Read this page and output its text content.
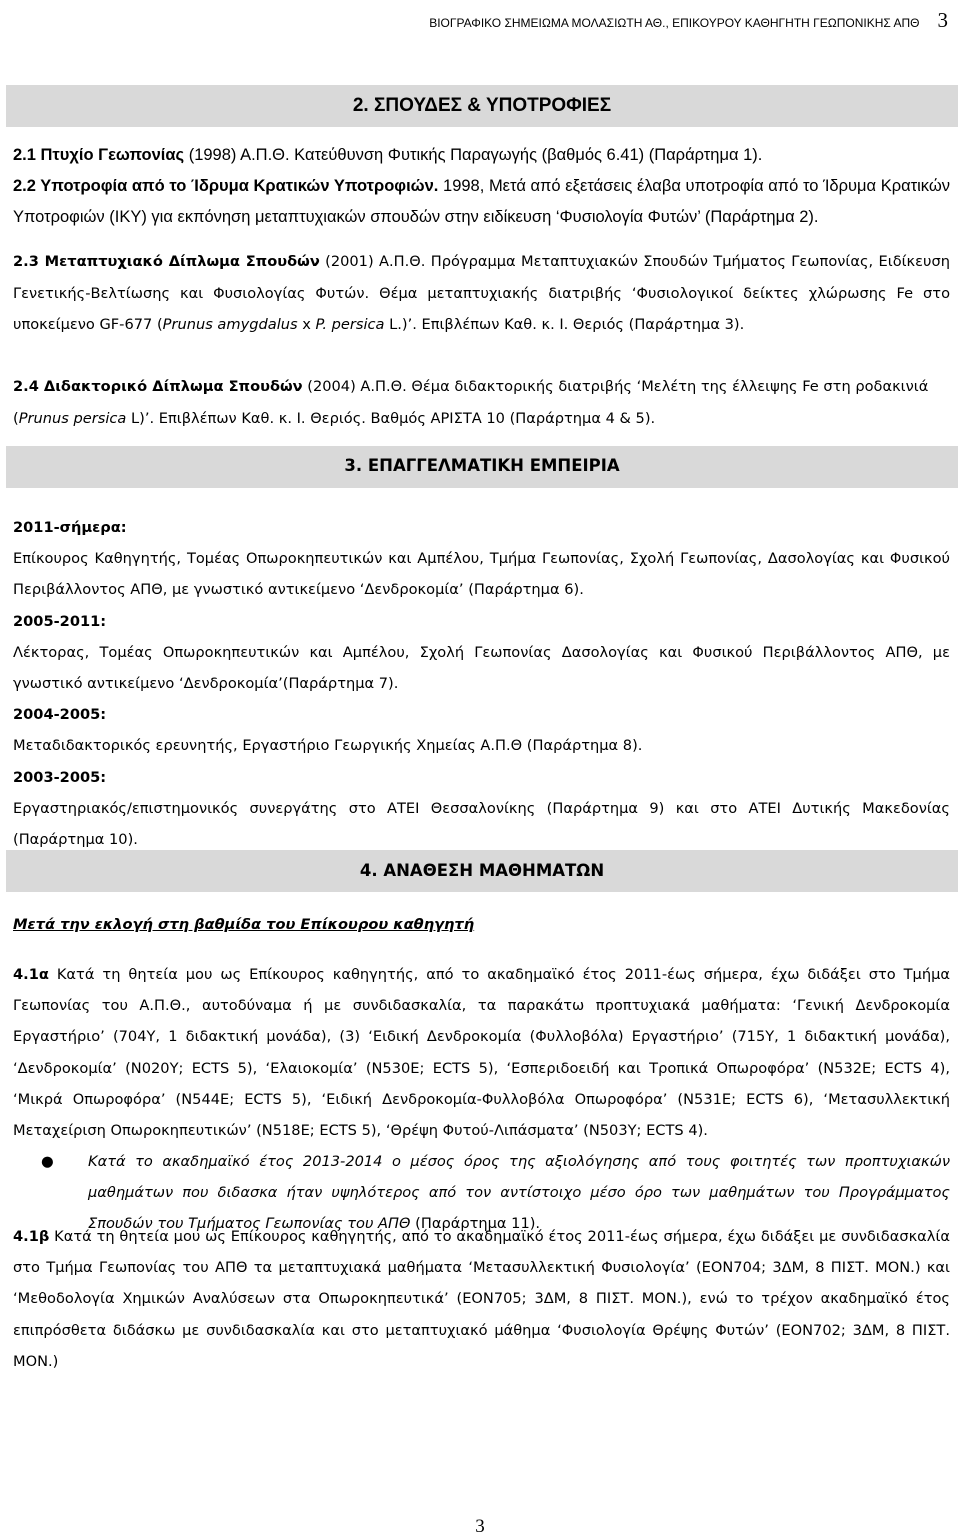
ΒΙΟΓΡΑΦΙΚΟ ΣΗΜΕΙΩΜΑ ΜΟΛΑΣΙΩΤΗ ΑΘ., ΕΠΙΚΟΥΡΟΥ ΚΑΘΗΓΗΤΗ ΓΕΩΠΟΝΙΚΗΣ ΑΠΘ 3
2. ΣΠΟΥΔΕΣ & ΥΠΟΤΡΟΦΙΕΣ

2.1 Πτυχίο Γεωπονίας (1998) Α.Π.Θ. Κατεύθυνση Φυτικής Παραγωγής (βαθμός 6.41) (Παράρτημα 1).

2.2 Υποτροφία από το Ίδρυμα Κρατικών Υποτροφιών. 1998, Μετά από εξετάσεις έλαβα υποτροφία από το Ίδρυμα Κρατικών Υποτροφιών (ΙΚΥ) για εκπόνηση μεταπτυχιακών σπουδών στην ειδίκευση ‘Φυσιολογία Φυτών’ (Παράρτημα 2).

2.3 Μεταπτυχιακό Δίπλωμα Σπουδών (2001) Α.Π.Θ. Πρόγραμμα Μεταπτυχιακών Σπουδών Τμήματος Γεωπονίας, Ειδίκευση Γενετικής-Βελτίωσης και Φυσιολογίας Φυτών. Θέμα μεταπτυχιακής διατριβής ‘Φυσιολογικοί δείκτες χλώρωσης Fe στο υποκείμενο GF-677 (Prunus amygdalus x P. persica L.)’. Επιβλέπων Καθ. κ. Ι. Θεριός (Παράρτημα 3).

2.4 Διδακτορικό Δίπλωμα Σπουδών (2004) Α.Π.Θ. Θέμα διδακτορικής διατριβής ‘Μελέτη της έλλειψης Fe στη ροδακινιά (Prunus persica L)’. Επιβλέπων Καθ. κ. Ι. Θεριός. Βαθμός ΑΡΙΣΤΑ 10 (Παράρτημα 4 & 5).

3. ΕΠΑΓΓΕΛΜΑΤΙΚΗ ΕΜΠΕΙΡΙΑ
2011-σήμερα:
Επίκουρος Καθηγητής, Τομέας Οπωροκηπευτικών και Αμπέλου, Τμήμα Γεωπονίας, Σχολή Γεωπονίας, Δασολογίας και Φυσικού Περιβάλλοντος ΑΠΘ, με γνωστικό αντικείμενο ‘Δενδροκομία’ (Παράρτημα 6).
2005-2011:
Λέκτορας, Τομέας Οπωροκηπευτικών και Αμπέλου, Σχολή Γεωπονίας Δασολογίας και Φυσικού Περιβάλλοντος ΑΠΘ, με γνωστικό αντικείμενο ‘Δενδροκομία’(Παράρτημα 7).
2004-2005:
Μεταδιδακτορικός ερευνητής, Εργαστήριο Γεωργικής Χημείας Α.Π.Θ (Παράρτημα 8).
2003-2005:
Εργαστηριακός/επιστημονικός συνεργάτης στο ΑΤΕΙ Θεσσαλονίκης (Παράρτημα 9) και στο ΑΤΕΙ Δυτικής Μακεδονίας (Παράρτημα 10).
4. ΑΝΑΘΕΣΗ ΜΑΘΗΜΑΤΩΝ

Μετά την εκλογή στη βαθμίδα του Επίκουρου καθηγητή

4.1α Κατά τη θητεία μου ως Επίκουρος καθηγητής, από το ακαδημαϊκό έτος 2011-έως σήμερα, έχω διδάξει στο Τμήμα Γεωπονίας του Α.Π.Θ., αυτοδύναμα ή με συνδιδασκαλία, τα παρακάτω προπτυχιακά μαθήματα: ‘Γενική Δενδροκομία Εργαστήριο’ (704Υ, 1 διδακτική μονάδα), (3) ‘Ειδική Δενδροκομία (Φυλλοβόλα) Εργαστήριο’ (715Υ, 1 διδακτική μονάδα), ‘Δενδροκομία’ (Ν020Υ; ECTS 5), ‘Ελαιοκομία’ (Ν530Ε; ECTS 5), ‘Εσπεριδοειδή και Τροπικά Οπωροφόρα’ (Ν532Ε; ECTS 4), ‘Μικρά Οπωροφόρα’ (Ν544Ε; ECTS 5), ‘Ειδική Δενδροκομία-Φυλλοβόλα Οπωροφόρα’ (Ν531Ε; ECTS 6), ‘Μετασυλλεκτική Μεταχείριση Οπωροκηπευτικών’ (Ν518Ε; ECTS 5), ‘Θρέψη Φυτού-Λιπάσματα’ (Ν503Υ; ECTS 4).

● Κατά το ακαδημαϊκό έτος 2013-2014 ο μέσος όρος της αξιολόγησης από τους φοιτητές των προπτυχιακών μαθημάτων που διδασκα ήταν υψηλότερος από τον αντίστοιχο μέσο όρο των μαθημάτων του Προγράμματος Σπουδών του Τμήματος Γεωπονίας του ΑΠΘ (Παράρτημα 11).

4.1β Κατά τη θητεία μου ως Επίκουρος καθηγητής, από το ακαδημαϊκό έτος 2011-έως σήμερα, έχω διδάξει με συνδιδασκαλία στο Τμήμα Γεωπονίας του ΑΠΘ τα μεταπτυχιακά μαθήματα ‘Μετασυλλεκτική Φυσιολογία’ (ΕΟΝ704; 3ΔΜ, 8 ΠΙΣΤ. ΜΟΝ.) και ‘Μεθοδολογία Χημικών Αναλύσεων στα Οπωροκηπευτικά’ (ΕΟΝ705; 3ΔΜ, 8 ΠΙΣΤ. ΜΟΝ.), ενώ το τρέχον ακαδημαϊκό έτος επιπρόσθετα διδάσκω με συνδιδασκαλία και στο μεταπτυχιακό μάθημα ‘Φυσιολογία Θρέψης Φυτών’ (ΕΟΝ702; 3ΔΜ, 8 ΠΙΣΤ. ΜΟΝ.)

3
